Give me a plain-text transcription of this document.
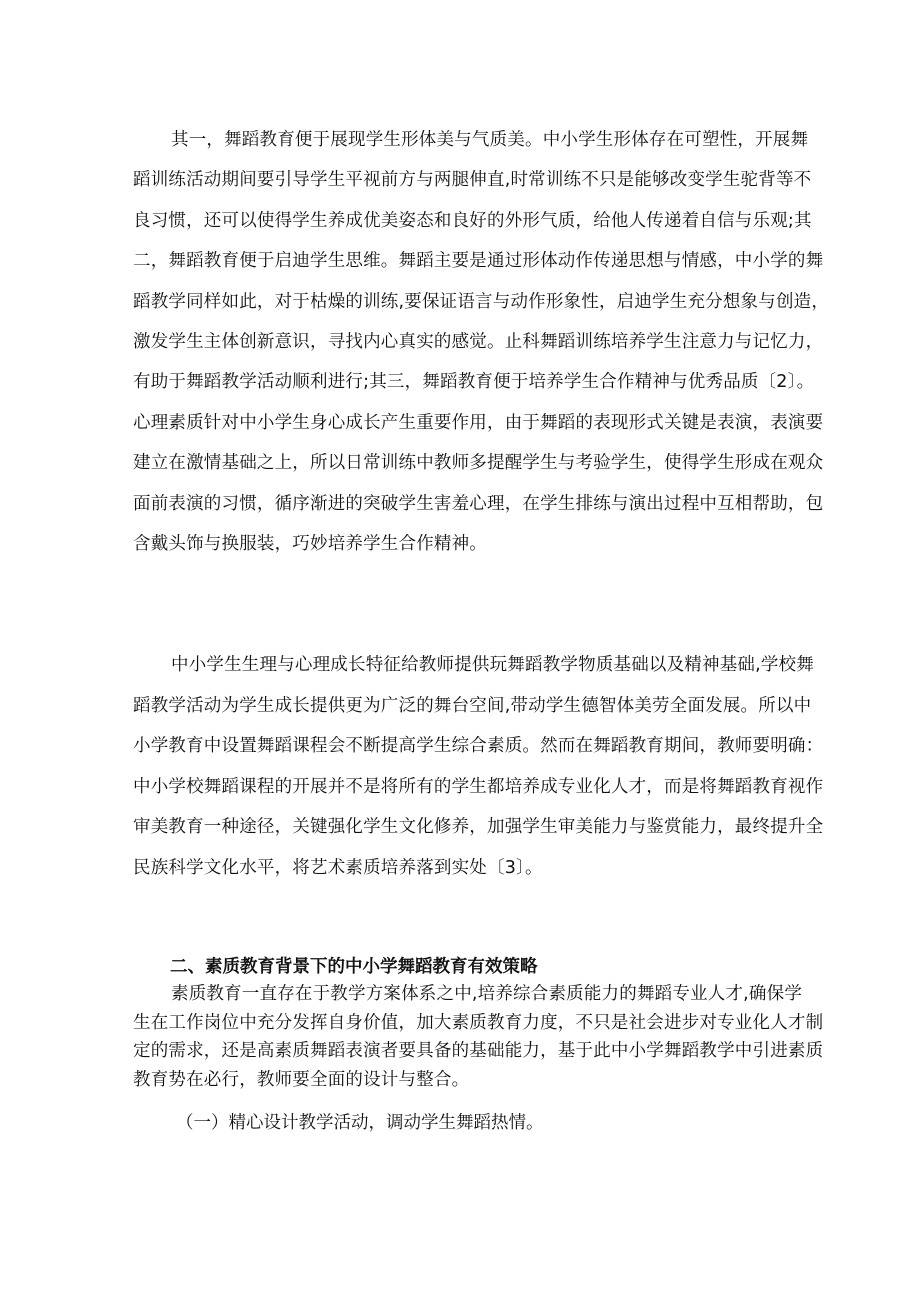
其一，舞蹈教育便于展现学生形体美与气质美。中小学生形体存在可塑性，开展舞
蹈训练活动期间要引导学生平视前方与两腿伸直,时常训练不只是能够改变学生驼背等不
良习惯，还可以使得学生养成优美姿态和良好的外形气质，给他人传递着自信与乐观;其
二，舞蹈教育便于启迪学生思维。舞蹈主要是通过形体动作传递思想与情感，中小学的舞
蹈教学同样如此，对于枯燥的训练,要保证语言与动作形象性，启迪学生充分想象与创造，
激发学生主体创新意识，寻找内心真实的感觉。止科舞蹈训练培养学生注意力与记忆力，
有助于舞蹈教学活动顺利进行;其三，舞蹈教育便于培养学生合作精神与优秀品质〔2〕。
心理素质针对中小学生身心成长产生重要作用，由于舞蹈的表现形式关键是表演，表演要
建立在激情基础之上，所以日常训练中教师多提醒学生与考验学生，使得学生形成在观众
面前表演的习惯，循序渐进的突破学生害羞心理，在学生排练与演出过程中互相帮助，包
含戴头饰与换服装，巧妙培养学生合作精神。
中小学生生理与心理成长特征给教师提供玩舞蹈教学物质基础以及精神基础,学校舞
蹈教学活动为学生成长提供更为广泛的舞台空间,带动学生德智体美劳全面发展。所以中
小学教育中设置舞蹈课程会不断提高学生综合素质。然而在舞蹈教育期间，教师要明确：
中小学校舞蹈课程的开展并不是将所有的学生都培养成专业化人才，而是将舞蹈教育视作
审美教育一种途径，关键强化学生文化修养，加强学生审美能力与鉴赏能力，最终提升全
民族科学文化水平，将艺术素质培养落到实处〔3〕。
二、素质教育背景下的中小学舞蹈教育有效策略
素质教育一直存在于教学方案体系之中,培养综合素质能力的舞蹈专业人才,确保学
生在工作岗位中充分发挥自身价值，加大素质教育力度，不只是社会进步对专业化人才制
定的需求，还是高素质舞蹈表演者要具备的基础能力，基于此中小学舞蹈教学中引进素质
教育势在必行，教师要全面的设计与整合。

（一）精心设计教学活动，调动学生舞蹈热情。
